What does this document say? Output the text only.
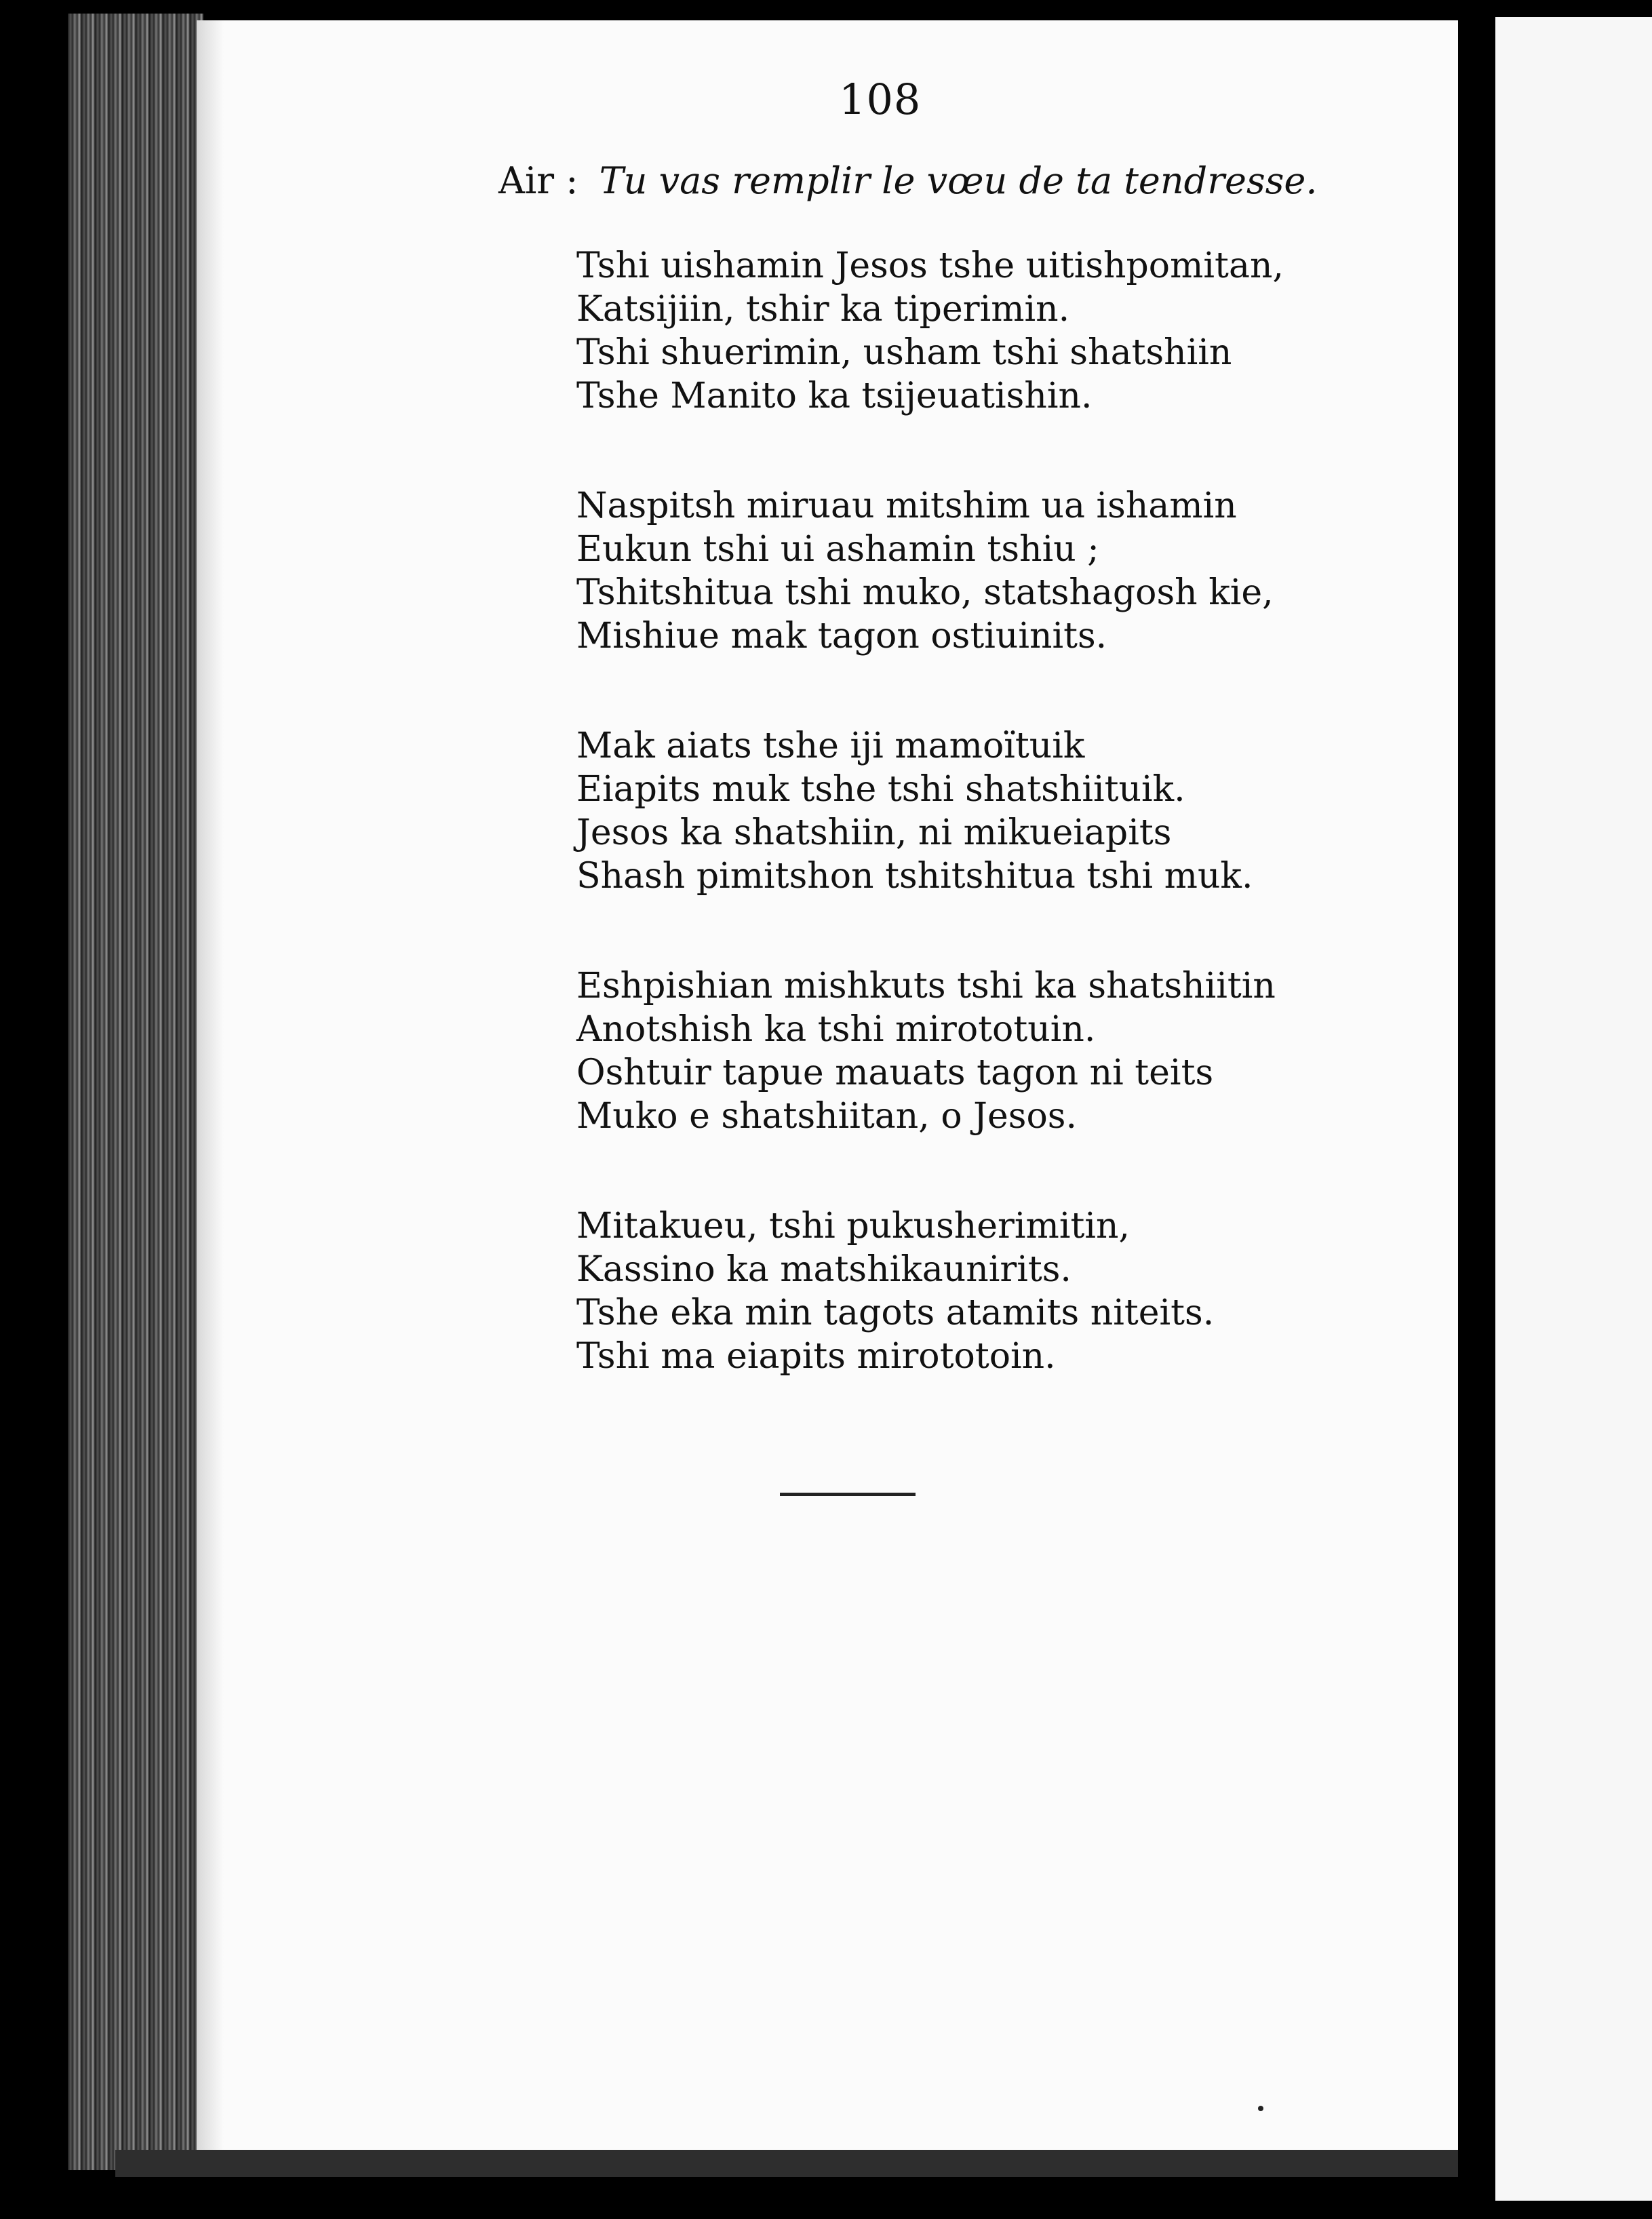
108
Air : Tu vas remplir le vœu de ta tendresse.
Tshi uishamin Jesos tshe uitishpomitan,
Katsijiin, tshir ka tiperimin.
Tshi shuerimin, usham tshi shatshiin
Tshe Manito ka tsijeuatishin.
Naspitsh miruau mitshim ua ishamin
Eukun tshi ui ashamin tshiu ;
Tshitshitua tshi muko, statshagosh kie,
Mishiue mak tagon ostiuinits.
Mak aiats tshe iji mamoïtuik
Eiapits muk tshe tshi shatshiituik.
Jesos ka shatshiin, ni mikueiapits
Shash pimitshon tshitshitua tshi muk.
Eshpishian mishkuts tshi ka shatshiitin
Anotshish ka tshi mirototuin.
Oshtuir tapue mauats tagon ni teits
Muko e shatshiitan, o Jesos.
Mitakueu, tshi pukusherimitin,
Kassino ka matshikaunirits.
Tshe eka min tagots atamits niteits.
Tshi ma eiapits mirototoin.
